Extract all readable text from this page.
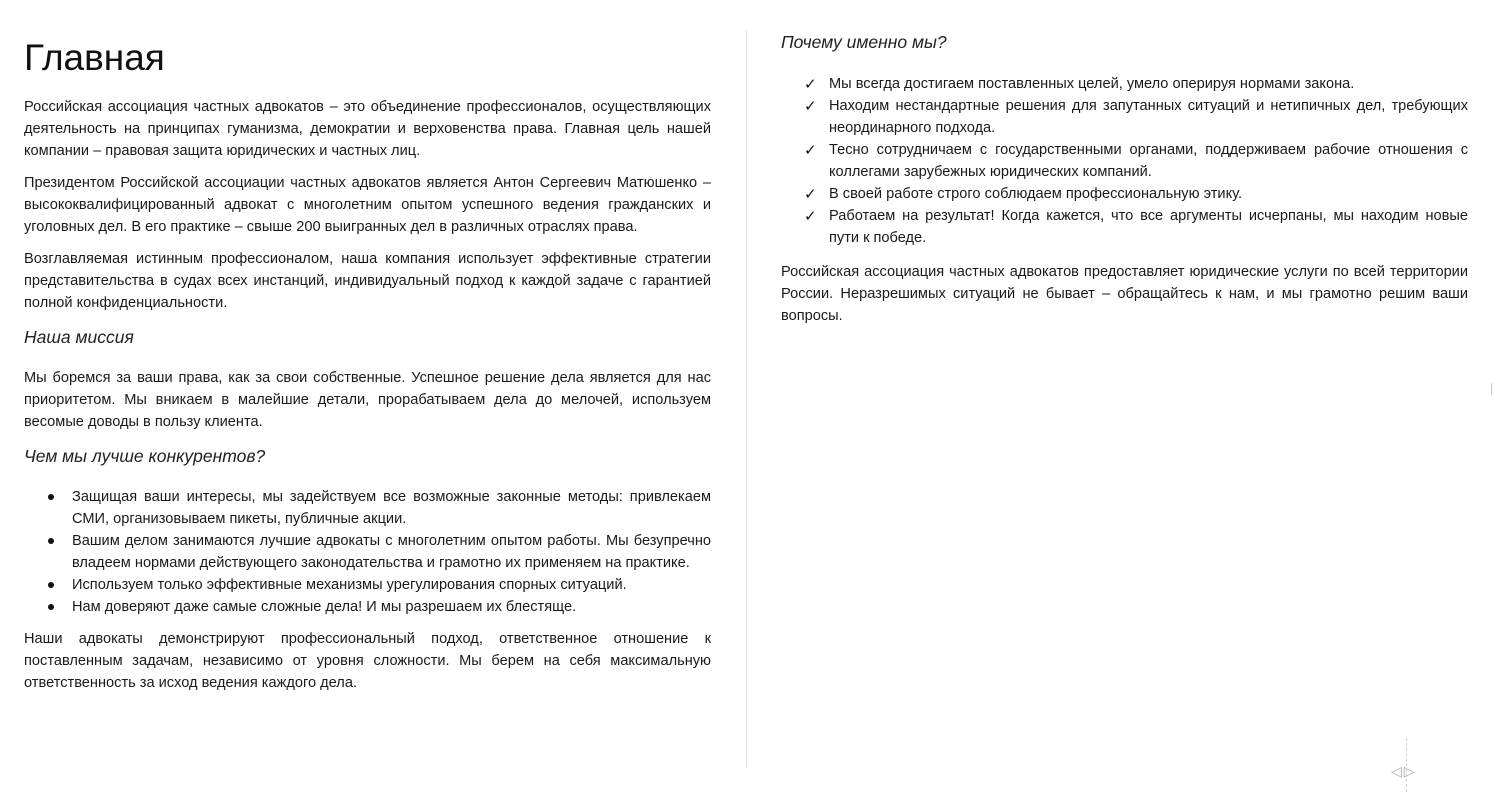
Главная

Российская ассоциация частных адвокатов – это объединение профессионалов, осуществляющих деятельность на принципах гуманизма, демократии и верховенства права. Главная цель нашей компании – правовая защита юридических и частных лиц.

Президентом Российской ассоциации частных адвокатов является Антон Сергеевич Матюшенко – высококвалифицированный адвокат с многолетним опытом успешного ведения гражданских и уголовных дел. В его практике – свыше 200 выигранных дел в различных отраслях права.

Возглавляемая истинным профессионалом, наша компания использует эффективные стратегии представительства в судах всех инстанций, индивидуальный подход к каждой задаче с гарантией полной конфиденциальности.

Наша миссия

Мы боремся за ваши права, как за свои собственные. Успешное решение дела является для нас приоритетом. Мы вникаем в малейшие детали, прорабатываем дела до мелочей, используем весомые доводы в пользу клиента.

Чем мы лучше конкурентов?
Защищая ваши интересы, мы задействуем все возможные законные методы: привлекаем СМИ, организовываем пикеты, публичные акции.
Вашим делом занимаются лучшие адвокаты с многолетним опытом работы. Мы безупречно владеем нормами действующего законодательства и грамотно их применяем на практике.
Используем только эффективные механизмы урегулирования спорных ситуаций.
Нам доверяют даже самые сложные дела! И мы разрешаем их блестяще.

Наши адвокаты демонстрируют профессиональный подход, ответственное отношение к поставленным задачам, независимо от уровня сложности. Мы берем на себя максимальную ответственность за исход ведения каждого дела.

Почему именно мы?
✓ Мы всегда достигаем поставленных целей, умело оперируя нормами закона.
✓ Находим нестандартные решения для запутанных ситуаций и нетипичных дел, требующих неординарного подхода.
✓ Тесно сотрудничаем с государственными органами, поддерживаем рабочие отношения с коллегами зарубежных юридических компаний.
✓ В своей работе строго соблюдаем профессиональную этику.
✓ Работаем на результат! Когда кажется, что все аргументы исчерпаны, мы находим новые пути к победе.

Российская ассоциация частных адвокатов предоставляет юридические услуги по всей территории России. Неразрешимых ситуаций не бывает – обращайтесь к нам, и мы грамотно решим ваши вопросы.

◁▷
